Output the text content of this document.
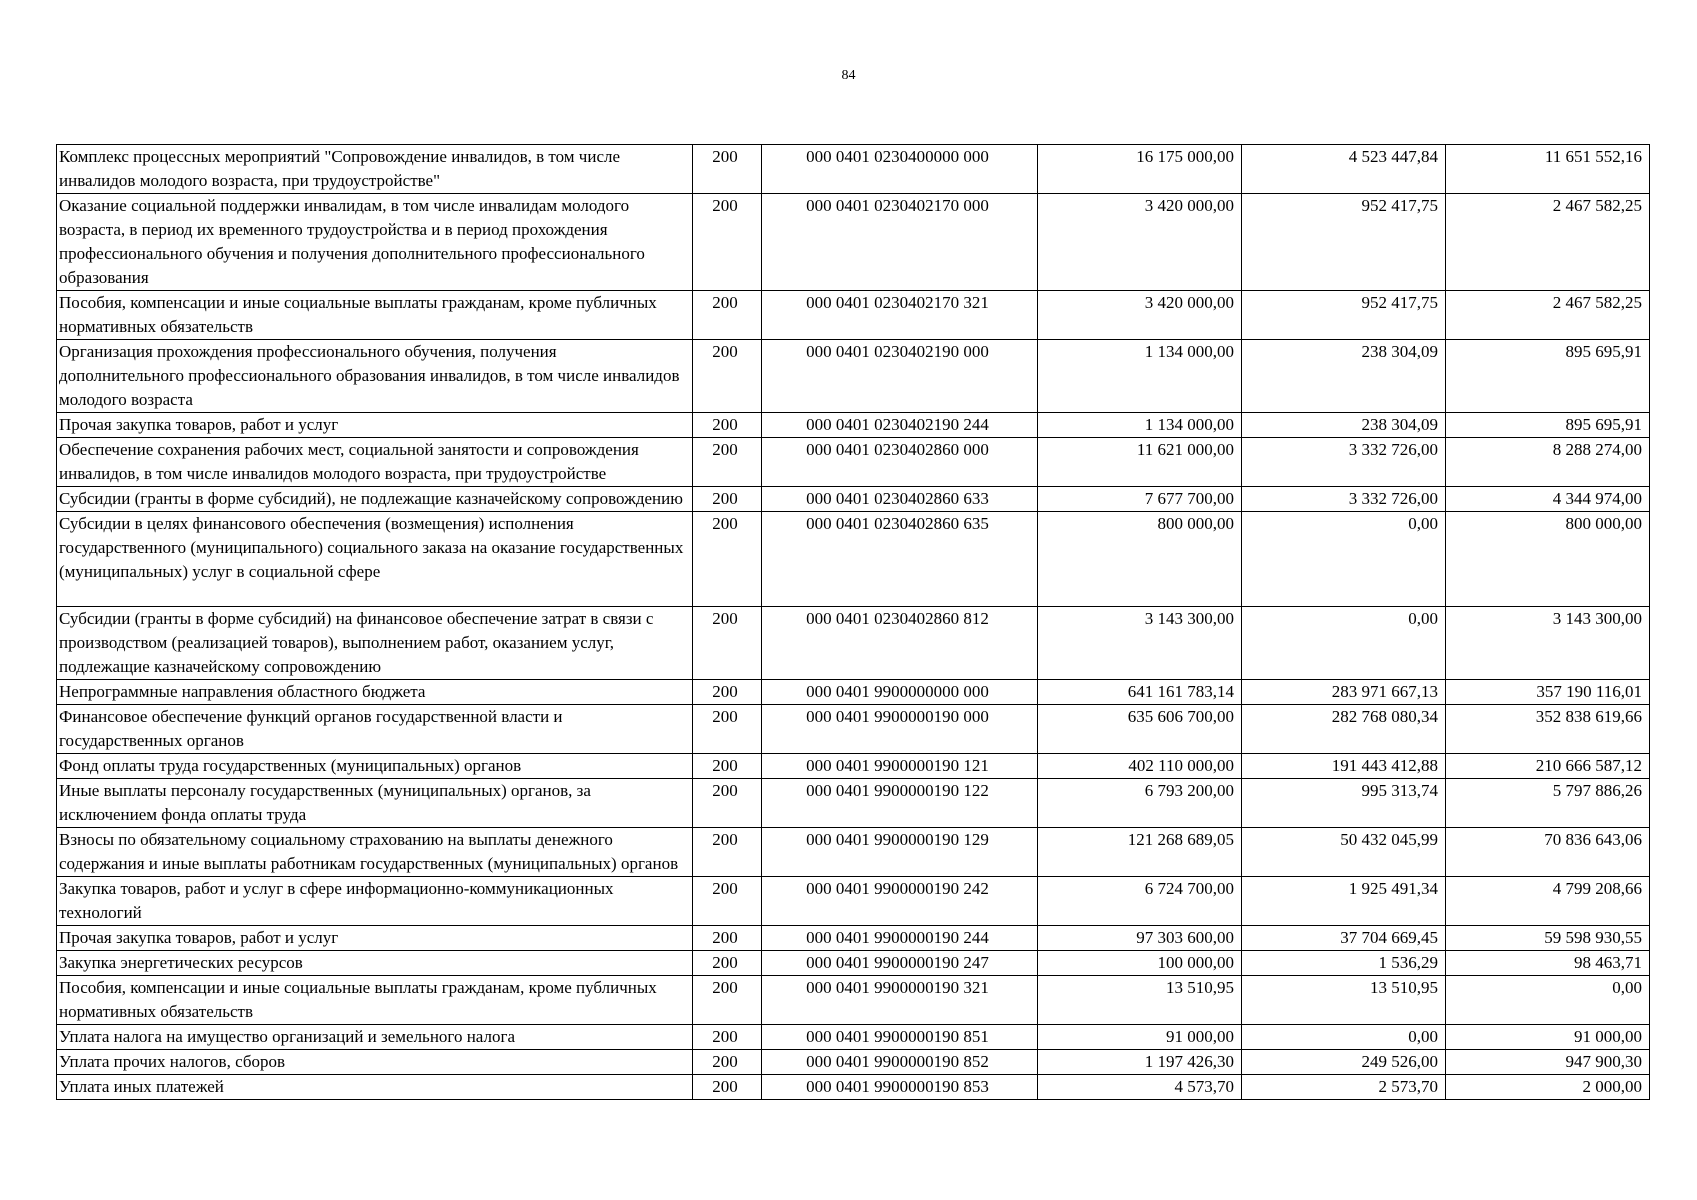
84
Комплекс процессных мероприятий "Сопровождение инвалидов, в том числе инвалидов молодого возраста, при трудоустройстве"	200	000 0401 0230400000 000	16 175 000,00	4 523 447,84	11 651 552,16
Оказание социальной поддержки инвалидам, в том числе инвалидам молодого возраста, в период их временного трудоустройства и в период прохождения профессионального обучения и получения дополнительного профессионального образования	200	000 0401 0230402170 000	3 420 000,00	952 417,75	2 467 582,25
Пособия, компенсации и иные социальные выплаты гражданам, кроме публичных нормативных обязательств	200	000 0401 0230402170 321	3 420 000,00	952 417,75	2 467 582,25
Организация прохождения профессионального обучения, получения дополнительного профессионального образования инвалидов, в том числе инвалидов молодого возраста	200	000 0401 0230402190 000	1 134 000,00	238 304,09	895 695,91
Прочая закупка товаров, работ и услуг	200	000 0401 0230402190 244	1 134 000,00	238 304,09	895 695,91
Обеспечение сохранения рабочих мест, социальной занятости и сопровождения инвалидов, в том числе инвалидов молодого возраста, при трудоустройстве	200	000 0401 0230402860 000	11 621 000,00	3 332 726,00	8 288 274,00
Субсидии (гранты в форме субсидий), не подлежащие казначейскому сопровождению	200	000 0401 0230402860 633	7 677 700,00	3 332 726,00	4 344 974,00
Субсидии в целях финансового обеспечения (возмещения) исполнения государственного (муниципального) социального заказа на оказание государственных (муниципальных) услуг в социальной сфере	200	000 0401 0230402860 635	800 000,00	0,00	800 000,00
Субсидии (гранты в форме субсидий) на финансовое обеспечение затрат в связи с производством (реализацией товаров), выполнением работ, оказанием услуг, подлежащие казначейскому сопровождению	200	000 0401 0230402860 812	3 143 300,00	0,00	3 143 300,00
Непрограммные направления областного бюджета	200	000 0401 9900000000 000	641 161 783,14	283 971 667,13	357 190 116,01
Финансовое обеспечение функций органов государственной власти и государственных органов	200	000 0401 9900000190 000	635 606 700,00	282 768 080,34	352 838 619,66
Фонд оплаты труда государственных (муниципальных) органов	200	000 0401 9900000190 121	402 110 000,00	191 443 412,88	210 666 587,12
Иные выплаты персоналу государственных (муниципальных) органов, за исключением фонда оплаты труда	200	000 0401 9900000190 122	6 793 200,00	995 313,74	5 797 886,26
Взносы по обязательному социальному страхованию на выплаты денежного содержания и иные выплаты работникам государственных (муниципальных) органов	200	000 0401 9900000190 129	121 268 689,05	50 432 045,99	70 836 643,06
Закупка товаров, работ и услуг в сфере информационно-коммуникационных технологий	200	000 0401 9900000190 242	6 724 700,00	1 925 491,34	4 799 208,66
Прочая закупка товаров, работ и услуг	200	000 0401 9900000190 244	97 303 600,00	37 704 669,45	59 598 930,55
Закупка энергетических ресурсов	200	000 0401 9900000190 247	100 000,00	1 536,29	98 463,71
Пособия, компенсации и иные социальные выплаты гражданам, кроме публичных нормативных обязательств	200	000 0401 9900000190 321	13 510,95	13 510,95	0,00
Уплата налога на имущество организаций и земельного налога	200	000 0401 9900000190 851	91 000,00	0,00	91 000,00
Уплата прочих налогов, сборов	200	000 0401 9900000190 852	1 197 426,30	249 526,00	947 900,30
Уплата иных платежей	200	000 0401 9900000190 853	4 573,70	2 573,70	2 000,00
